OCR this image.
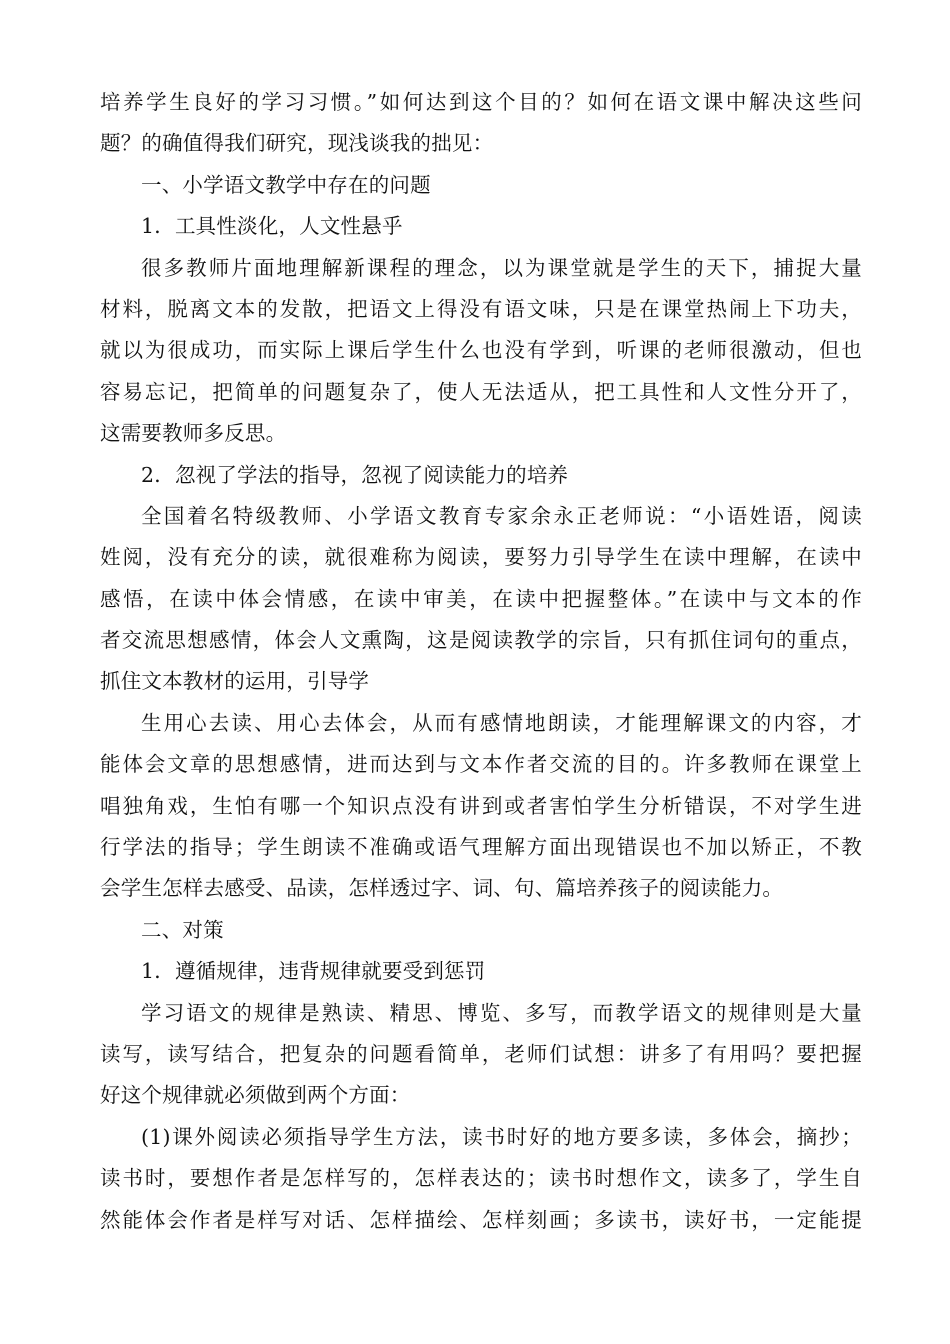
培养学生良好的学习习惯。”如何达到这个目的？如何在语文课中解决这些问
题？的确值得我们研究，现浅谈我的拙见：
一、小学语文教学中存在的问题
1．工具性淡化，人文性悬乎
很多教师片面地理解新课程的理念，以为课堂就是学生的天下，捕捉大量
材料，脱离文本的发散，把语文上得没有语文味，只是在课堂热闹上下功夫，
就以为很成功，而实际上课后学生什么也没有学到，听课的老师很激动，但也
容易忘记，把简单的问题复杂了，使人无法适从，把工具性和人文性分开了，
这需要教师多反思。
2．忽视了学法的指导，忽视了阅读能力的培养
全国着名特级教师、小学语文教育专家余永正老师说：“小语姓语，阅读
姓阅，没有充分的读，就很难称为阅读，要努力引导学生在读中理解，在读中
感悟，在读中体会情感，在读中审美，在读中把握整体。”在读中与文本的作
者交流思想感情，体会人文熏陶，这是阅读教学的宗旨，只有抓住词句的重点，
抓住文本教材的运用，引导学
生用心去读、用心去体会，从而有感情地朗读，才能理解课文的内容，才
能体会文章的思想感情，进而达到与文本作者交流的目的。许多教师在课堂上
唱独角戏，生怕有哪一个知识点没有讲到或者害怕学生分析错误，不对学生进
行学法的指导；学生朗读不准确或语气理解方面出现错误也不加以矫正，不教
会学生怎样去感受、品读，怎样透过字、词、句、篇培养孩子的阅读能力。
二、对策
1．遵循规律，违背规律就要受到惩罚
学习语文的规律是熟读、精思、博览、多写，而教学语文的规律则是大量
读写，读写结合，把复杂的问题看简单，老师们试想：讲多了有用吗？要把握
好这个规律就必须做到两个方面：
(1)课外阅读必须指导学生方法，读书时好的地方要多读，多体会，摘抄；
读书时，要想作者是怎样写的，怎样表达的；读书时想作文，读多了，学生自
然能体会作者是样写对话、怎样描绘、怎样刻画；多读书，读好书，一定能提
